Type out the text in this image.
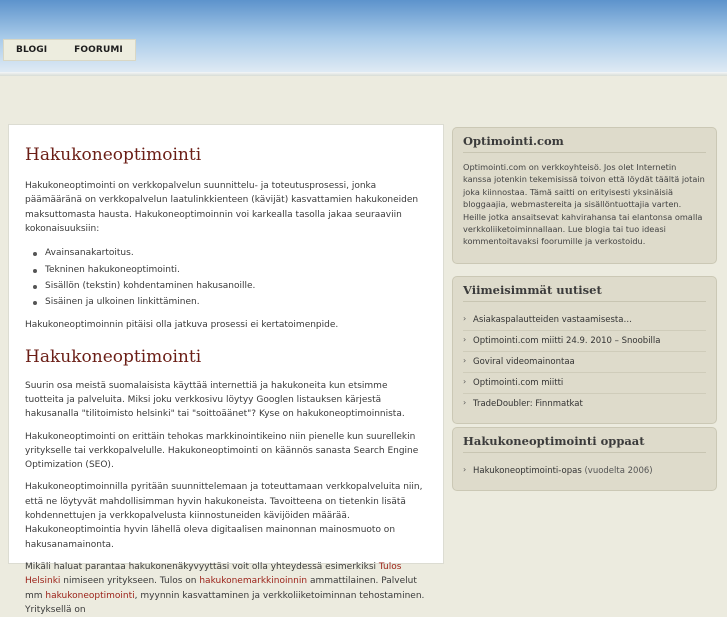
BLOGI	FOORUMI
Hakukoneoptimointi

Hakukoneoptimointi on verkkopalvelun suunnittelu- ja toteutusprosessi, jonka päämääränä on verkkopalvelun laatulinkkienteen (kävijät) kasvattamien hakukoneiden maksuttomasta hausta. Hakukoneoptimoinnin voi karkealla tasolla jakaa seuraaviin kokonaisuuksiin:

Avainsanakartoitus.
Tekninen hakukoneoptimointi.
Sisällön (tekstin) kohdentaminen hakusanoille.
Sisäinen ja ulkoinen linkittäminen.

Hakukoneoptimoinnin pitäisi olla jatkuva prosessi ei kertatoimenpide.

Hakukoneoptimointi

Suurin osa meistä suomalaisista käyttää internettiä ja hakukoneita kun etsimme tuotteita ja palveluita. Miksi joku verkkosivu löytyy Googlen listauksen kärjestä hakusanalla "tilitoimisto helsinki" tai "soittoäänet"? Kyse on hakukoneoptimoinnista.

Hakukoneoptimointi on erittäin tehokas markkinointikeino niin pienelle kun suurellekin yritykselle tai verkkopalvelulle. Hakukoneoptimointi on käännös sanasta Search Engine Optimization (SEO).

Hakukoneoptimoinnilla pyritään suunnittelemaan ja toteuttamaan verkkopalveluita niin, että ne löytyvät mahdollisimman hyvin hakukoneista. Tavoitteena on tietenkin lisätä kohdennettujen ja verkkopalvelusta kiinnostuneiden kävijöiden määrää. Hakukoneoptimointia hyvin lähellä oleva digitaalisen mainonnan mainosmuoto on hakusanamainonta.

Mikäli haluat parantaa hakukonenäkyvyyttäsi voit olla yhteydessä esimerkiksi Tulos Helsinki nimiseen yritykseen. Tulos on hakukonemarkkinoinnin ammattilainen. Palvelut mm hakukoneoptimointi, myynnin kasvattaminen ja verkkoliiketoiminnan tehostaminen. Yrityksellä on

Optimointi.com

Optimointi.com on verkkoyhteisö. Jos olet Internetin kanssa jotenkin tekemisissä toivon että löydät täältä jotain joka kiinnostaa. Tämä saitti on erityisesti yksinäisiä bloggaajia, webmastereita ja sisällöntuottajia varten. Heille jotka ansaitsevat kahvirahansa tai elantonsa omalla verkkoliiketoiminnallaan. Lue blogia tai tuo ideasi kommentoitavaksi foorumille ja verkostoidu.

Viimeisimmät uutiset
› Asiakaspalautteiden vastaamisesta…
› Optimointi.com miitti 24.9. 2010 – Snoobilla
› Goviral videomainontaa
› Optimointi.com miitti
› TradeDoubler: Finnmatkat
Hakukoneoptimointi oppaat
› Hakukoneoptimointi-opas (vuodelta 2006)
